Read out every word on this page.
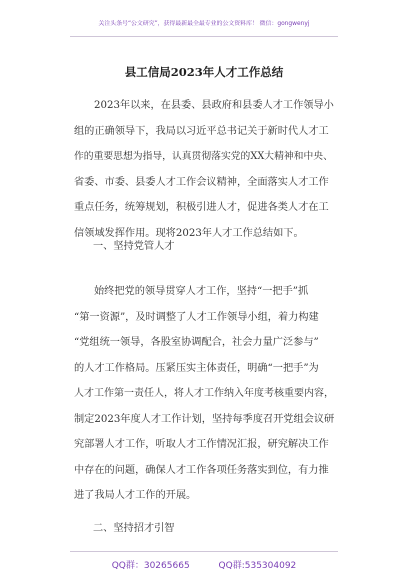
关注头条号“公文研究”，获得最新最全最专业的公文资料库！ 微信：gongwenyj
县工信局2023年人才工作总结
2023年以来，在县委、县政府和县委人才工作领导小
组的正确领导下，我局以习近平总书记关于新时代人才工
作的重要思想为指导，认真贯彻落实党的XX大精神和中央、
省委、市委、县委人才工作会议精神，全面落实人才工作
重点任务，统筹规划，积极引进人才，促进各类人才在工
信领域发挥作用。现将2023年人才工作总结如下。
一、坚持党管人才
始终把党的领导贯穿人才工作，坚持“一把手”抓
“第一资源”，及时调整了人才工作领导小组，着力构建
“党组统一领导，各股室协调配合，社会力量广泛参与”
的人才工作格局。压紧压实主体责任，明确“一把手”为
人才工作第一责任人，将人才工作纳入年度考核重要内容，
制定2023年度人才工作计划，坚持每季度召开党组会议研
究部署人才工作，听取人才工作情况汇报，研究解决工作
中存在的问题，确保人才工作各项任务落实到位，有力推
进了我局人才工作的开展。
二、坚持招才引智
QQ群：30265665	QQ群:535304092
